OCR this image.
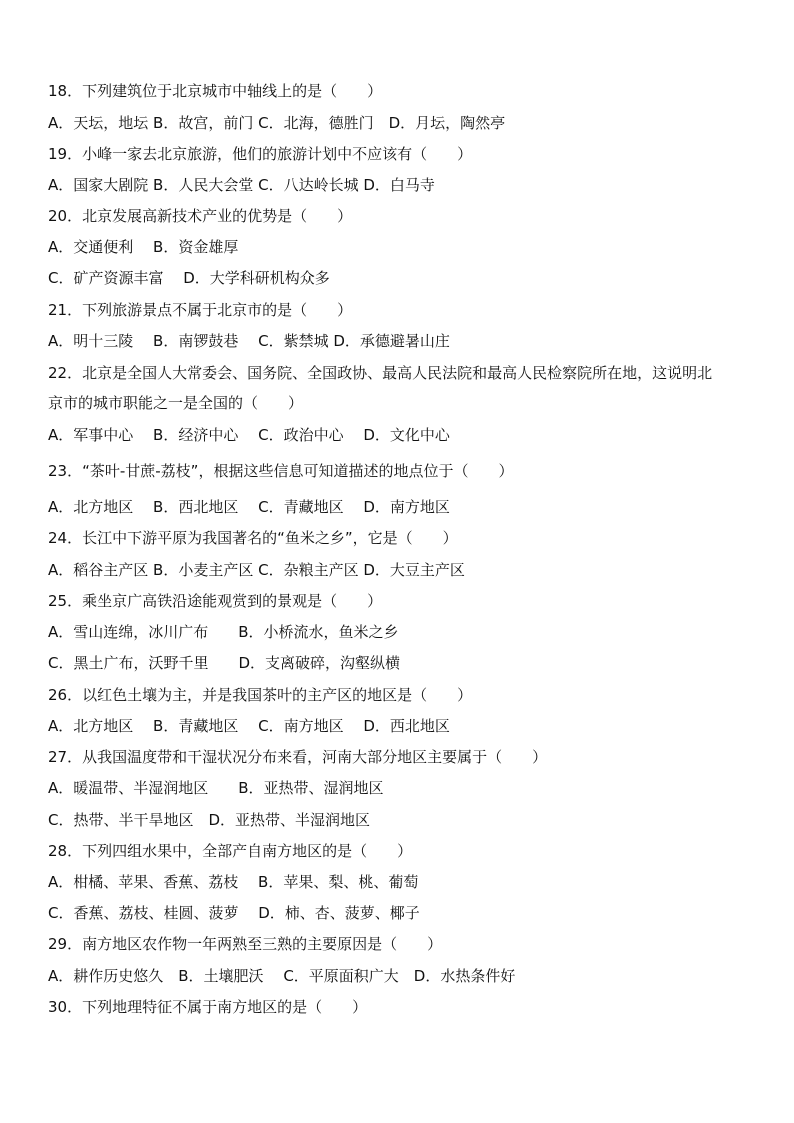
18．下列建筑位于北京城市中轴线上的是（　　）
A．天坛，地坛 B．故宫，前门 C．北海，德胜门　D．月坛，陶然亭
19．小峰一家去北京旅游，他们的旅游计划中不应该有（　　）
A．国家大剧院 B．人民大会堂 C．八达岭长城 D．白马寺
20．北京发展高新技术产业的优势是（　　）
A．交通便利　 B．资金雄厚
C．矿产资源丰富　 D．大学科研机构众多
21．下列旅游景点不属于北京市的是（　　）
A．明十三陵　 B．南锣鼓巷　 C．紫禁城 D．承德避暑山庄
22．北京是全国人大常委会、国务院、全国政协、最高人民法院和最高人民检察院所在地，这说明北
京市的城市职能之一是全国的（　　）
A．军事中心　 B．经济中心　 C．政治中心　 D．文化中心
23．“茶叶-甘蔗-荔枝”，根据这些信息可知道描述的地点位于（　　）
A．北方地区　 B．西北地区　 C．青藏地区　 D．南方地区
24．长江中下游平原为我国著名的“鱼米之乡”，它是（　　）
A．稻谷主产区 B．小麦主产区 C．杂粮主产区 D．大豆主产区
25．乘坐京广高铁沿途能观赏到的景观是（　　）
A．雪山连绵，冰川广布　　B．小桥流水，鱼米之乡
C．黑土广布，沃野千里　　D．支离破碎，沟壑纵横
26．以红色土壤为主，并是我国茶叶的主产区的地区是（　　）
A．北方地区　 B．青藏地区　 C．南方地区　 D．西北地区
27．从我国温度带和干湿状况分布来看，河南大部分地区主要属于（　　）
A．暖温带、半湿润地区　　B．亚热带、湿润地区
C．热带、半干旱地区　D．亚热带、半湿润地区
28．下列四组水果中，全部产自南方地区的是（　　）
A．柑橘、苹果、香蕉、荔枝　 B．苹果、梨、桃、葡萄
C．香蕉、荔枝、桂圆、菠萝　 D．柿、杏、菠萝、椰子
29．南方地区农作物一年两熟至三熟的主要原因是（　　）
A．耕作历史悠久　B．土壤肥沃　 C．平原面积广大　D．水热条件好
30．下列地理特征不属于南方地区的是（　　）
